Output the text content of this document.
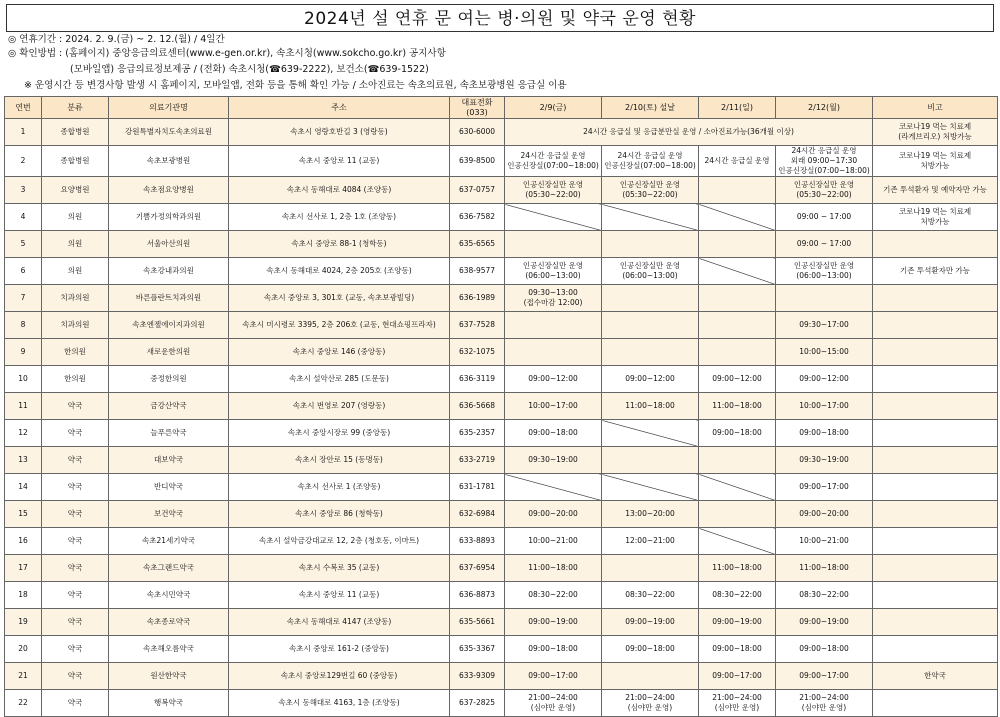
2024년 설 연휴 문 여는 병·의원 및 약국 운영 현황
◎ 연휴기간 : 2024. 2. 9.(금) ~ 2. 12.(월) / 4일간
◎ 확인방법 : (홈페이지) 중앙응급의료센터(www.e-gen.or.kr), 속초시청(www.sokcho.go.kr) 공지사항
(모바일앱) 응급의료정보제공 / (전화) 속초시청(☎639-2222), 보건소(☎639-1522)
※ 운영시간 등 변경사항 발생 시 홈페이지, 모바일앱, 전화 등을 통해 확인 가능 / 소아진료는 속초의료원, 속초보광병원 응급실 이용
연번	분류	의료기관명	주소	대표전화(033)	2/9(금)	2/10(토) 설날	2/11(일)	2/12(월)	비고
1	종합병원	강원특별자치도속초의료원	속초시 영랑호반길 3 (영랑동)	630-6000	24시간 응급실 및 응급분만실 운영 / 소아진료가능(36개월 이상)				코로나19 먹는 치료제
(라게브리오) 처방가능
2	종합병원	속초보광병원	속초시 중앙로 11 (교동)	639-8500	24시간 응급실 운영
인공신장실(07:00~18:00)	24시간 응급실 운영
인공신장실(07:00~18:00)	24시간 응급실 운영	24시간 응급실 운영
외래 09:00~17:30
인공신장실(07:00~18:00)	코로나19 먹는 치료제
처방가능
3	요양병원	속초점요양병원	속초시 동해대로 4084 (조양동)	637-0757	인공신장실만 운영
(05:30~22:00)	인공신장실만 운영
(05:30~22:00)		인공신장실만 운영
(05:30~22:00)	기존 투석환자 및 예약자만 가능
4	의원	기쁨가정의학과의원	속초시 선사로 1, 2층 1호 (조양동)	636-7582				09:00 ~ 17:00	코로나19 먹는 치료제
처방가능
5	의원	서울아산의원	속초시 중앙로 88-1 (청학동)	635-6565				09:00 ~ 17:00	
6	의원	속초강내과의원	속초시 동해대로 4024, 2층 205호 (조양동)	638-9577	인공신장실만 운영
(06:00~13:00)	인공신장실만 운영
(06:00~13:00)		인공신장실만 운영
(06:00~13:00)	기존 투석환자만 가능
7	치과의원	바른플란트치과의원	속초시 중앙로 3, 301호 (교동, 속초보광빌딩)	636-1989	09:30~13:00
(접수마감 12:00)				
8	치과의원	속초엔젤에이지과의원	속초시 미시령로 3395, 2층 206호 (교동, 현대쇼핑프라자)	637-7528				09:30~17:00	
9	한의원	새로운한의원	속초시 중앙로 146 (중앙동)	632-1075				10:00~15:00	
10	한의원	중정한의원	속초시 설악산로 285 (도문동)	636-3119	09:00~12:00	09:00~12:00	09:00~12:00	09:00~12:00	
11	약국	금강산약국	속초시 번영로 207 (영랑동)	636-5668	10:00~17:00	11:00~18:00	11:00~18:00	10:00~17:00	
12	약국	늘푸른약국	속초시 중앙시장로 99 (중앙동)	635-2357	09:00~18:00		09:00~18:00	09:00~18:00	
13	약국	대보약국	속초시 장안로 15 (동명동)	633-2719	09:30~19:00			09:30~19:00	
14	약국	반디약국	속초시 선사로 1 (조양동)	631-1781				09:00~17:00	
15	약국	보건약국	속초시 중앙로 86 (청학동)	632-6984	09:00~20:00	13:00~20:00		09:00~20:00	
16	약국	속초21세기약국	속초시 설악금강대교로 12, 2층 (청호동, 이마트)	633-8893	10:00~21:00	12:00~21:00		10:00~21:00	
17	약국	속초그랜드약국	속초시 수복로 35 (교동)	637-6954	11:00~18:00		11:00~18:00	11:00~18:00	
18	약국	속초시민약국	속초시 중앙로 11 (교동)	636-8873	08:30~22:00	08:30~22:00	08:30~22:00	08:30~22:00	
19	약국	속초종로약국	속초시 동해대로 4147 (조양동)	635-5661	09:00~19:00	09:00~19:00	09:00~19:00	09:00~19:00	
20	약국	속초해오름약국	속초시 중앙로 161-2 (중앙동)	635-3367	09:00~18:00	09:00~18:00	09:00~18:00	09:00~18:00	
21	약국	원산한약국	속초시 중앙로129번길 60 (중앙동)	633-9309	09:00~17:00		09:00~17:00	09:00~17:00	한약국
22	약국	행복약국	속초시 동해대로 4163, 1층 (조양동)	637-2825	21:00~24:00
(심야만 운영)	21:00~24:00
(심야만 운영)	21:00~24:00
(심야만 운영)	21:00~24:00
(심야만 운영)	
